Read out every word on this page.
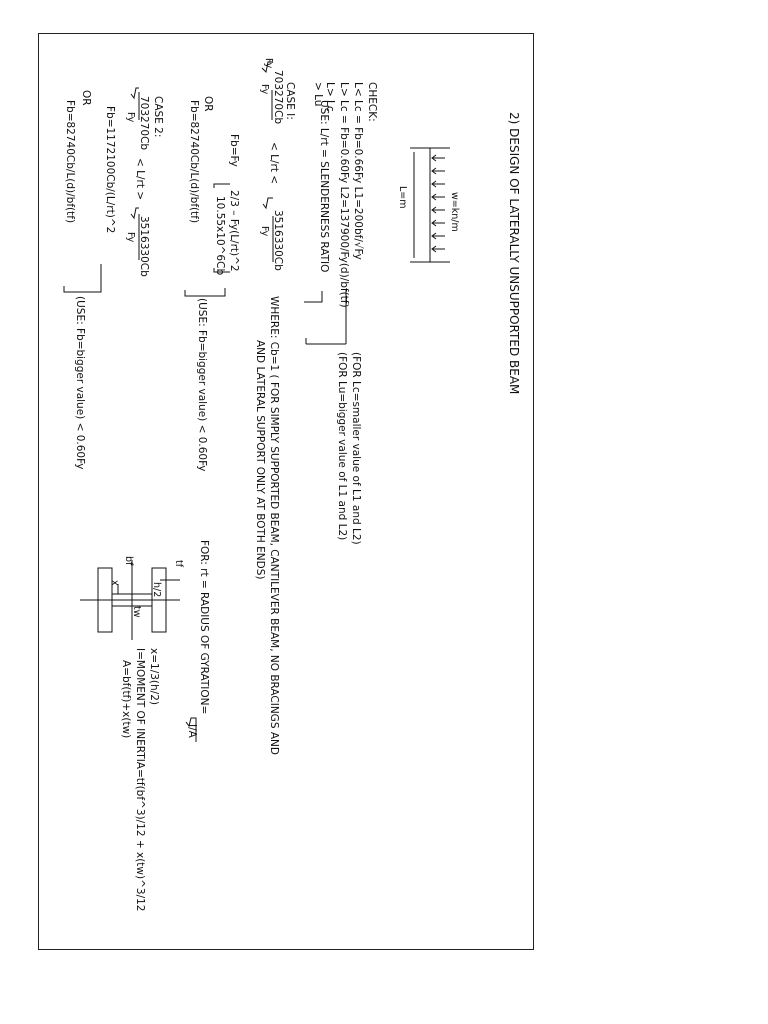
2) DESIGN OF LATERALLY UNSUPPORTED BEAM
w=kn/m
L=m
CHECK:
L< Lc = Fb=0.66Fy L1=200bf/√Fy
L> Lc = Fb=0.60Fy L2=137900/Fy(d)/bf(tf)
L> Lc
> Lu
USE: L/rt = SLENDERNESS RATIO
(FOR Lc=smaller value of L1 and L2)
(FOR Lu=bigger value of L1 and L2)
CASE I:
703270Cb
Fy
Fy
< L/rt <
3516330Cb
Fy
WHERE: Cb=1 ( FOR SIMPLY SUPPORTED BEAM, CANTILEVER BEAM, NO BRACINGS AND
AND LATERAL SUPPORT ONLY AT BOTH ENDS)
Fb=Fy
2/3 – Fy(L/rt)^2
10.55x10^6Cb
OR
Fb=82740Cb/L(d)/bf(tf)
(USE: Fb=bigger value) < 0.60Fy
CASE 2:
703270Cb
Fy
< L/rt >
3516330Cb
Fy
Fb=1172100Cb/(L/rt)^2
OR
Fb=82740Cb/L(d)/bf(tf)
(USE: Fb=bigger value) < 0.60Fy
FOR: rt = RADIUS OF GYRATION=
I/A
tf
bf
h/2
x
tw
x=1/3(h/2)
I=MOMENT OF INERTIA=tf(bf^3)/12 + x(tw)^3/12
A=bf(tf)+x(tw)
